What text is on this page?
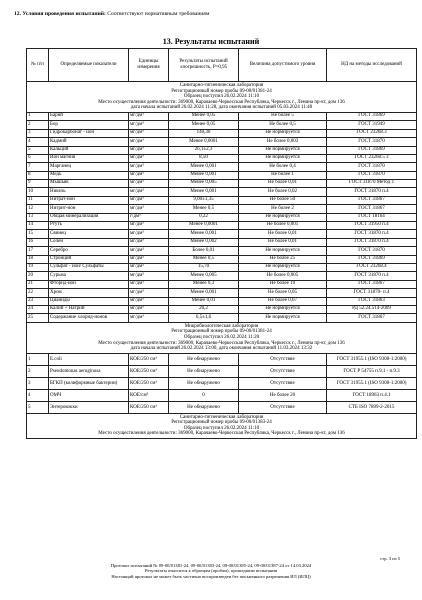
12. Условия проведения испытаний: Соответствуют нормативным требованиям
13. Результаты испытаний
№ п/п	Определяемые показатели	Единицы измерения	Результаты испытаний ±погрешность, Р=0,95	Величина допустимого уровня	НД на методы исследований

Санитарно-гигиеническая лаборатория
Регистрационный номер пробы 09-00/01381-24
Образец поступил 26.02.2024 11:10
Место осуществления деятельности: 369000, Карачаево-Черкесская Республика, Черкесск г., Ленина пр-кт, дом 136
дата начала испытаний 26.02.2024 11:28, дата окончания испытаний 05.03.2024 11:48					

1	Барий	мг/дм³	Менее 0,05	Не более 5	ГОСТ 31869
2	Бор	мг/дм³	Менее 0,05	Не более 0,5	ГОСТ 31949
3	Гидрокарбонат - ион	мг/дм³	140,30	Не нормируется	ГОСТ 23268.3
4	Кадмий	мг/дм³	Менее 0,0001	Не более 0,003	ГОСТ 31870
5	Кальций	мг/дм³	26,1±2,3	Не нормируется	ГОСТ 31869
6	Ион магния	мг/дм³	8,50	Не нормируется	ГОСТ 23268.5 3
7	Марганец	мг/дм³	Менее 0,001	Не более 0,4	ГОСТ 31870
8	Медь	мг/дм³	Менее 0,001	Не более 1	ГОСТ 31870
9	Мышьяк	мг/дм³	Менее 0,005	Не более 0,01	ГОСТ 31870 Метод 1
10	Никель	мг/дм³	Менее 0,001	Не более 0,02	ГОСТ 31870 п.4
11	Нитрат-ион	мг/дм³	9,00±1,35	Не более 50	ГОСТ 31867
12	Нитрит-ион	мг/дм³	Менее 0,5	Не более 2	ГОСТ 31867
13	Общая минерализация	г/дм³	0,22	Не нормируется	ГОСТ 18164
14	Ртуть	мг/дм³	Менее 0,0001	Не более 0,001	ГОСТ 31950 п.4
15	Свинец	мг/дм³	Менее 0,001	Не более 0,01	ГОСТ 31870 п.4
16	Селен	мг/дм³	Менее 0,002	Не более 0,01	ГОСТ 31870 п.4
17	Серебро	мг/дм³	Более 0,01	Не нормируется	ГОСТ 31870
18	Стронций	мг/дм³	Менее 0,5	Не более 25	ГОСТ 31869
19	Сульфат - ион/ Сульфаты	мг/дм³	15,70	Не нормируется	ГОСТ 23268.4
20	Сурьма	мг/дм³	Менее 0,005	Не более 0,005	ГОСТ 31870 п.4
21	Фторид-ион	мг/дм³	Менее 0,3	Не более 10	ГОСТ 31867
22	Хром	мг/дм³	Менее 0,001	Не более 0,05	ГОСТ 31870- п.4
23	Цианиды	мг/дм³	Менее 0,01	Не более 0,07	ГОСТ 31863
24	Калий + Натрий	мг/дм³	20,2	Не нормируется	РД 52.24.514-2009
25	Содержание хлорид-ионов	мг/дм³	6,5±1,6	Не нормируется	ГОСТ 31867

Микробиологическая лаборатория
Регистрационный номер пробы 09-00/01381-24
Образец поступил 26.02.2024 11:20
Место осуществления деятельности: 369000, Карачаево-Черкесская Республика, Черкесск г., Ленина пр-кт, дом 136
дата начала испытаний 26.02.2024 13:00, дата окончания испытаний 11.03.2024 13:32					

1	E.coli	КОЕ/250 см³	Не обнаружено	Отсутствие	ГОСТ 31955.1 (ISO 9308-1:2000)
2	Pseudomonas aeruginosa	КОЕ/250 см³	Не обнаружено	Отсутствие	ГОСТ Р 54755 п.9.1 - п.9.3
3	БГКП (колиформные бактерии)	КОЕ/250 см³	Не обнаружено	Отсутствие	ГОСТ 31955.1 (ISO 9308-1:2000)
4	ОМЧ	КОЕ/см³	0	Не более 20	ГОСТ 18963 п.4.1
5	Энтерококки	КОЕ/250 см³	Не обнаружено	Отсутствие	СТБ ISO 7899-2-2015

Санитарно-гигиеническая лаборатория
Регистрационный номер пробы 09-00/01383-24
Образец поступил 26.02.2024 11:10
Место осуществления деятельности: 369000, Карачаево-Черкесская Республика, Черкесск г., Ленина пр-кт, дом 136					
стр. 3 из 5
Протокол испытаний № 09-00/01381-24, 09-00/01383-24, 09-00/01385-24, 09-00/01387-24 от 14.03.2024
Результаты относятся к образцам (пробам), прошедшим испытания
Настоящий протокол не может быть частично воспроизведен без письменного разрешения ИЛ (ИЛЦ)
